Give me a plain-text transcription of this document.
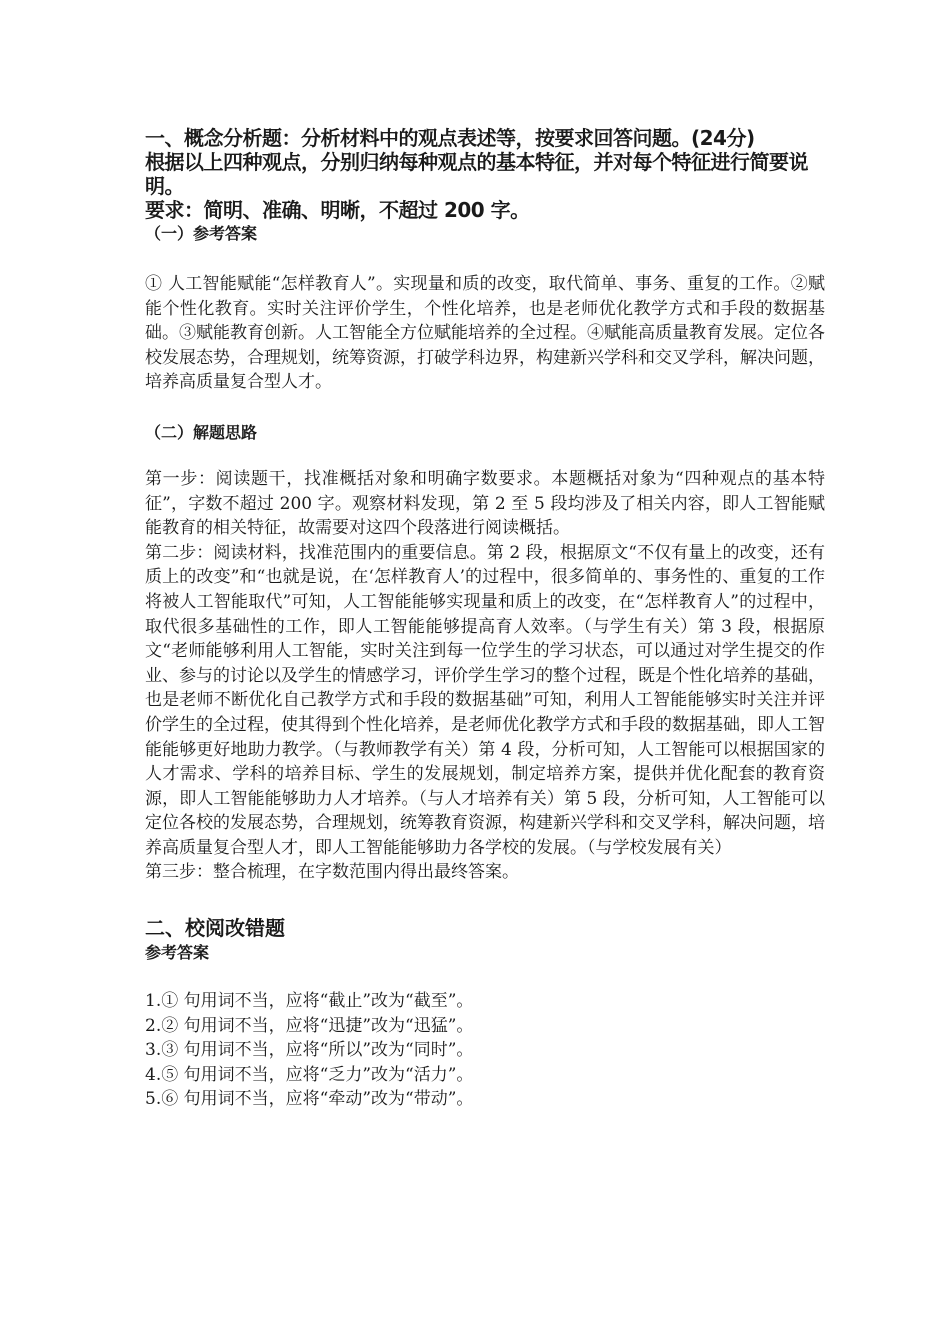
一、概念分析题：分析材料中的观点表述等，按要求回答问题。(24分)

根据以上四种观点，分别归纳每种观点的基本特征，并对每个特征进行简要说明。

要求：简明、准确、明晰，不超过 200 字。

（一）参考答案

① 人工智能赋能“怎样教育人”。实现量和质的改变，取代简单、事务、重复的工作。②赋能个性化教育。实时关注评价学生，个性化培养，也是老师优化教学方式和手段的数据基础。③赋能教育创新。人工智能全方位赋能培养的全过程。④赋能高质量教育发展。定位各校发展态势，合理规划，统筹资源，打破学科边界，构建新兴学科和交叉学科，解决问题，培养高质量复合型人才。

（二）解题思路

第一步：阅读题干，找准概括对象和明确字数要求。本题概括对象为“四种观点的基本特征”，字数不超过 200 字。观察材料发现，第 2 至 5 段均涉及了相关内容，即人工智能赋能教育的相关特征，故需要对这四个段落进行阅读概括。

第二步：阅读材料，找准范围内的重要信息。第 2 段，根据原文“不仅有量上的改变，还有质上的改变”和“也就是说，在‘怎样教育人’的过程中，很多简单的、事务性的、重复的工作将被人工智能取代”可知，人工智能能够实现量和质上的改变，在“怎样教育人”的过程中，取代很多基础性的工作，即人工智能能够提高育人效率。（与学生有关）第 3 段，根据原文“老师能够利用人工智能，实时关注到每一位学生的学习状态，可以通过对学生提交的作业、参与的讨论以及学生的情感学习，评价学生学习的整个过程，既是个性化培养的基础，也是老师不断优化自己教学方式和手段的数据基础”可知，利用人工智能能够实时关注并评价学生的全过程，使其得到个性化培养，是老师优化教学方式和手段的数据基础，即人工智能能够更好地助力教学。（与教师教学有关）第 4 段，分析可知，人工智能可以根据国家的人才需求、学科的培养目标、学生的发展规划，制定培养方案，提供并优化配套的教育资源，即人工智能能够助力人才培养。（与人才培养有关）第 5 段，分析可知，人工智能可以定位各校的发展态势，合理规划，统筹教育资源，构建新兴学科和交叉学科，解决问题，培养高质量复合型人才，即人工智能能够助力各学校的发展。（与学校发展有关）

第三步：整合梳理，在字数范围内得出最终答案。

二、校阅改错题
参考答案
1.① 句用词不当，应将“截止”改为“截至”。
2.② 句用词不当，应将“迅捷”改为“迅猛”。
3.③ 句用词不当，应将“所以”改为“同时”。
4.⑤ 句用词不当，应将“乏力”改为“活力”。
5.⑥ 句用词不当，应将“牵动”改为“带动”。
